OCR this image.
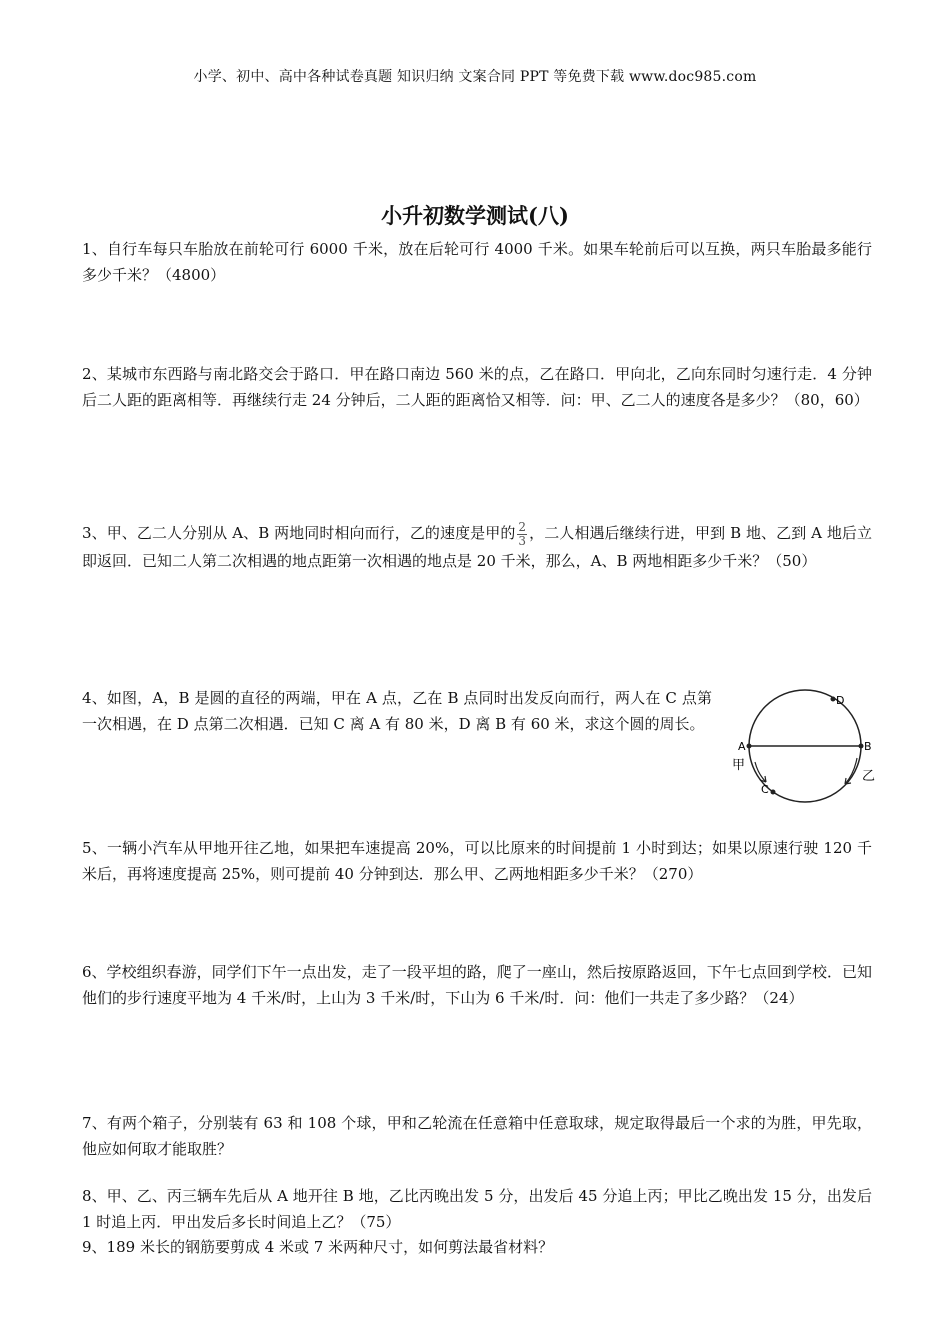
小学、初中、高中各种试卷真题 知识归纳 文案合同 PPT 等免费下载 www.doc985.com
小升初数学测试(八)
1、自行车每只车胎放在前轮可行 6000 千米，放在后轮可行 4000 千米。如果车轮前后可以互换，两只车胎最多能行多少千米？（4800）
2、某城市东西路与南北路交会于路口．甲在路口南边 560 米的点，乙在路口．甲向北，乙向东同时匀速行走．4 分钟后二人距的距离相等．再继续行走 24 分钟后，二人距的距离恰又相等．问：甲、乙二人的速度各是多少？（80，60）
3、甲、乙二人分别从 A、B 两地同时相向而行，乙的速度是甲的 $\frac{2}{3}$ ，二人相遇后继续行进，甲到 B 地、乙到 A 地后立即返回．已知二人第二次相遇的地点距第一次相遇的地点是 20 千米，那么，A、B 两地相距多少千米？（50）
4、如图，A，B 是圆的直径的两端，甲在 A 点，乙在 B 点同时出发反向而行，两人在 C 点第一次相遇，在 D 点第二次相遇．已知 C 离 A 有 80 米，D 离 B 有 60 米，求这个圆的周长。
A	B
C
D
甲
乙
5、一辆小汽车从甲地开往乙地，如果把车速提高 20%，可以比原来的时间提前 1 小时到达；如果以原速行驶 120 千米后，再将速度提高 25%，则可提前 40 分钟到达．那么甲、乙两地相距多少千米？（270）
6、学校组织春游，同学们下午一点出发，走了一段平坦的路，爬了一座山，然后按原路返回，下午七点回到学校．已知他们的步行速度平地为 4 千米/时，上山为 3 千米/时，下山为 6 千米/时．问：他们一共走了多少路？（24）
7、有两个箱子，分别装有 63 和 108 个球，甲和乙轮流在任意箱中任意取球，规定取得最后一个求的为胜，甲先取，他应如何取才能取胜？
8、甲、乙、丙三辆车先后从 A 地开往 B 地，乙比丙晚出发 5 分，出发后 45 分追上丙；甲比乙晚出发 15 分，出发后 1 时追上丙．甲出发后多长时间追上乙？（75）
9、189 米长的钢筋要剪成 4 米或 7 米两种尺寸，如何剪法最省材料？
